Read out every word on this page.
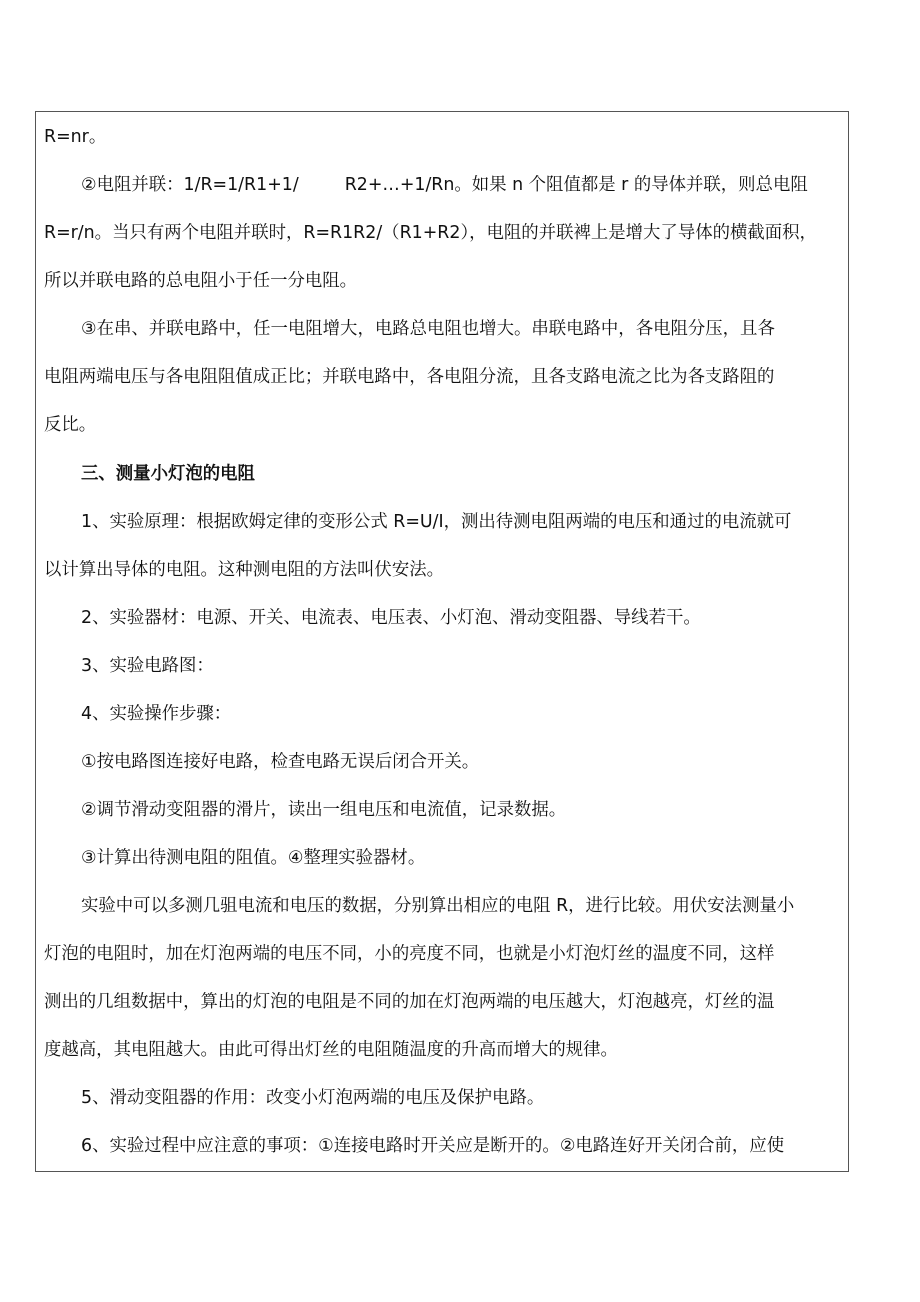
R=nr。
②电阻并联：1/R=1/R1+1/	R2+…+1/Rn。如果 n 个阻值都是 r 的导体并联，则总电阻
R=r/n。当只有两个电阻并联时，R=R1R2/（R1+R2），电阻的并联裨上是增大了导体的横截面积，
所以并联电路的总电阻小于任一分电阻。
③在串、并联电路中，任一电阻增大，电路总电阻也增大。串联电路中，各电阻分压，且各
电阻两端电压与各电阻阻值成正比；并联电路中，各电阻分流，且各支路电流之比为各支路阻的
反比。
三、测量小灯泡的电阻
1、实验原理：根据欧姆定律的变形公式 R=U/I，测出待测电阻两端的电压和通过的电流就可
以计算出导体的电阻。这种测电阻的方法叫伏安法。
2、实验器材：电源、开关、电流表、电压表、小灯泡、滑动变阻器、导线若干。
3、实验电路图：
4、实验操作步骤：
①按电路图连接好电路，检查电路无误后闭合开关。
②调节滑动变阻器的滑片，读出一组电压和电流值，记录数据。
③计算出待测电阻的阻值。④整理实验器材。
实验中可以多测几驵电流和电压的数据，分别算出相应的电阻 R，进行比较。用伏安法测量小
灯泡的电阻时，加在灯泡两端的电压不同，小的亮度不同，也就是小灯泡灯丝的温度不同，这样
测出的几组数据中，算出的灯泡的电阻是不同的加在灯泡两端的电压越大，灯泡越亮，灯丝的温
度越高，其电阻越大。由此可得出灯丝的电阻随温度的升高而增大的规律。
5、滑动变阻器的作用：改变小灯泡两端的电压及保护电路。
6、实验过程中应注意的事项：①连接电路时开关应是断开的。②电路连好开关闭合前，应使
